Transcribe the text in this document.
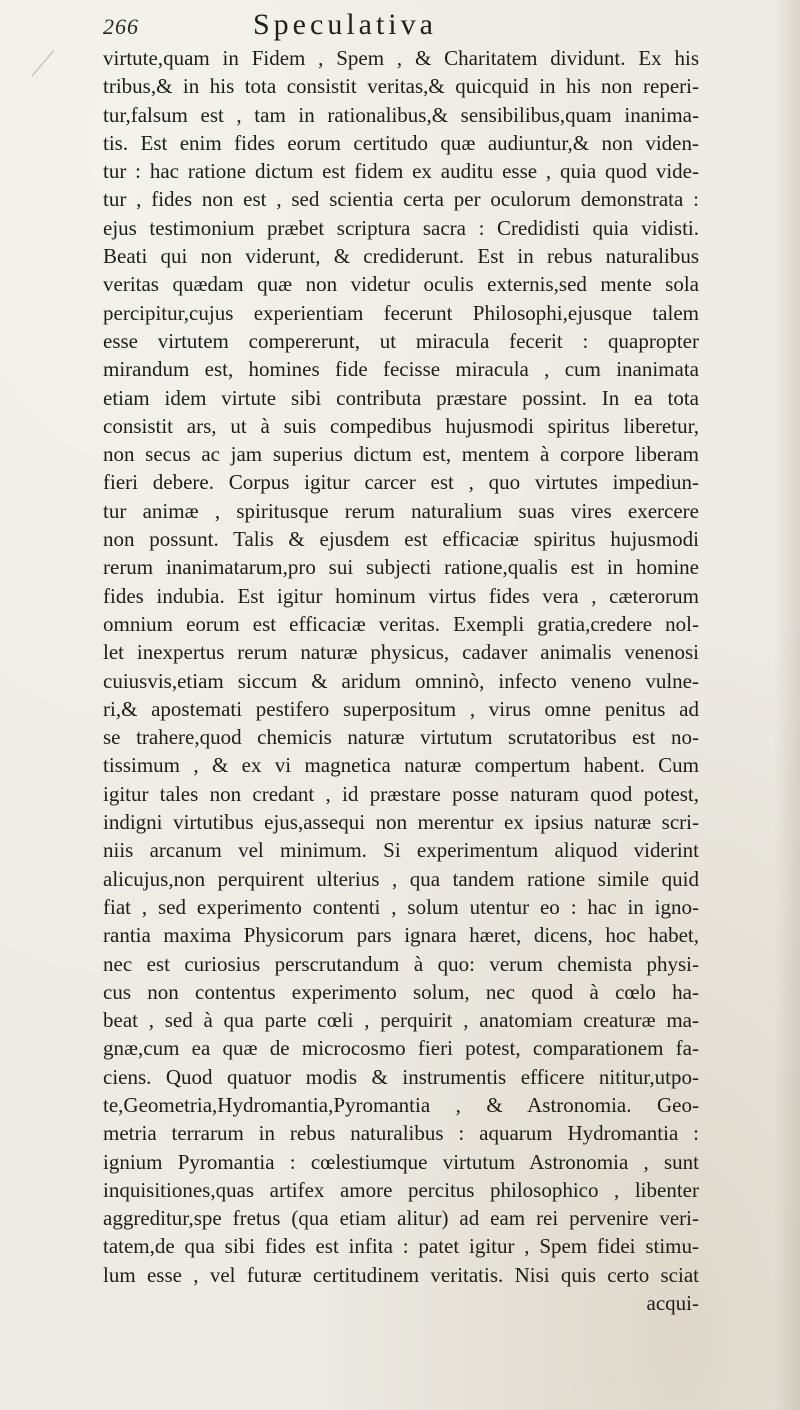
266	Speculativa
virtute,quam in Fidem , Spem , & Charitatem dividunt. Ex his
tribus,& in his tota consistit veritas,& quicquid in his non reperi-
tur,falsum est , tam in rationalibus,& sensibilibus,quam inanima-
tis. Est enim fides eorum certitudo quæ audiuntur,& non viden-
tur : hac ratione dictum est fidem ex auditu esse , quia quod vide-
tur , fides non est , sed scientia certa per oculorum demonstrata :
ejus testimonium præbet scriptura sacra : Credidisti quia vidisti.
Beati qui non viderunt, & crediderunt. Est in rebus naturalibus
veritas quædam quæ non videtur oculis externis,sed mente sola
percipitur,cujus experientiam fecerunt Philosophi,ejusque talem
esse virtutem compererunt, ut miracula fecerit : quapropter
mirandum est, homines fide fecisse miracula , cum inanimata
etiam idem virtute sibi contributa præstare possint. In ea tota
consistit ars, ut à suis compedibus hujusmodi spiritus liberetur,
non secus ac jam superius dictum est, mentem à corpore liberam
fieri debere. Corpus igitur carcer est , quo virtutes impediun-
tur animæ , spiritusque rerum naturalium suas vires exercere
non possunt. Talis & ejusdem est efficaciæ spiritus hujusmodi
rerum inanimatarum,pro sui subjecti ratione,qualis est in homine
fides indubia. Est igitur hominum virtus fides vera , cæterorum
omnium eorum est efficaciæ veritas. Exempli gratia,credere nol-
let inexpertus rerum naturæ physicus, cadaver animalis venenosi
cuiusvis,etiam siccum & aridum omninò, infecto veneno vulne-
ri,& apostemati pestifero superpositum , virus omne penitus ad
se trahere,quod chemicis naturæ virtutum scrutatoribus est no-
tissimum , & ex vi magnetica naturæ compertum habent. Cum
igitur tales non credant , id præstare posse naturam quod potest,
indigni virtutibus ejus,assequi non merentur ex ipsius naturæ scri-
niis arcanum vel minimum. Si experimentum aliquod viderint
alicujus,non perquirent ulterius , qua tandem ratione simile quid
fiat , sed experimento contenti , solum utentur eo : hac in igno-
rantia maxima Physicorum pars ignara hæret, dicens, hoc habet,
nec est curiosius perscrutandum à quo: verum chemista physi-
cus non contentus experimento solum, nec quod à cœlo ha-
beat , sed à qua parte cœli , perquirit , anatomiam creaturæ ma-
gnæ,cum ea quæ de microcosmo fieri potest, comparationem fa-
ciens. Quod quatuor modis & instrumentis efficere nititur,utpo-
te,Geometria,Hydromantia,Pyromantia , & Astronomia. Geo-
metria terrarum in rebus naturalibus : aquarum Hydromantia :
ignium Pyromantia : cœlestiumque virtutum Astronomia , sunt
inquisitiones,quas artifex amore percitus philosophico , libenter
aggreditur,spe fretus (qua etiam alitur) ad eam rei pervenire veri-
tatem,de qua sibi fides est infita : patet igitur , Spem fidei stimu-
lum esse , vel futuræ certitudinem veritatis. Nisi quis certo sciat
acqui-
